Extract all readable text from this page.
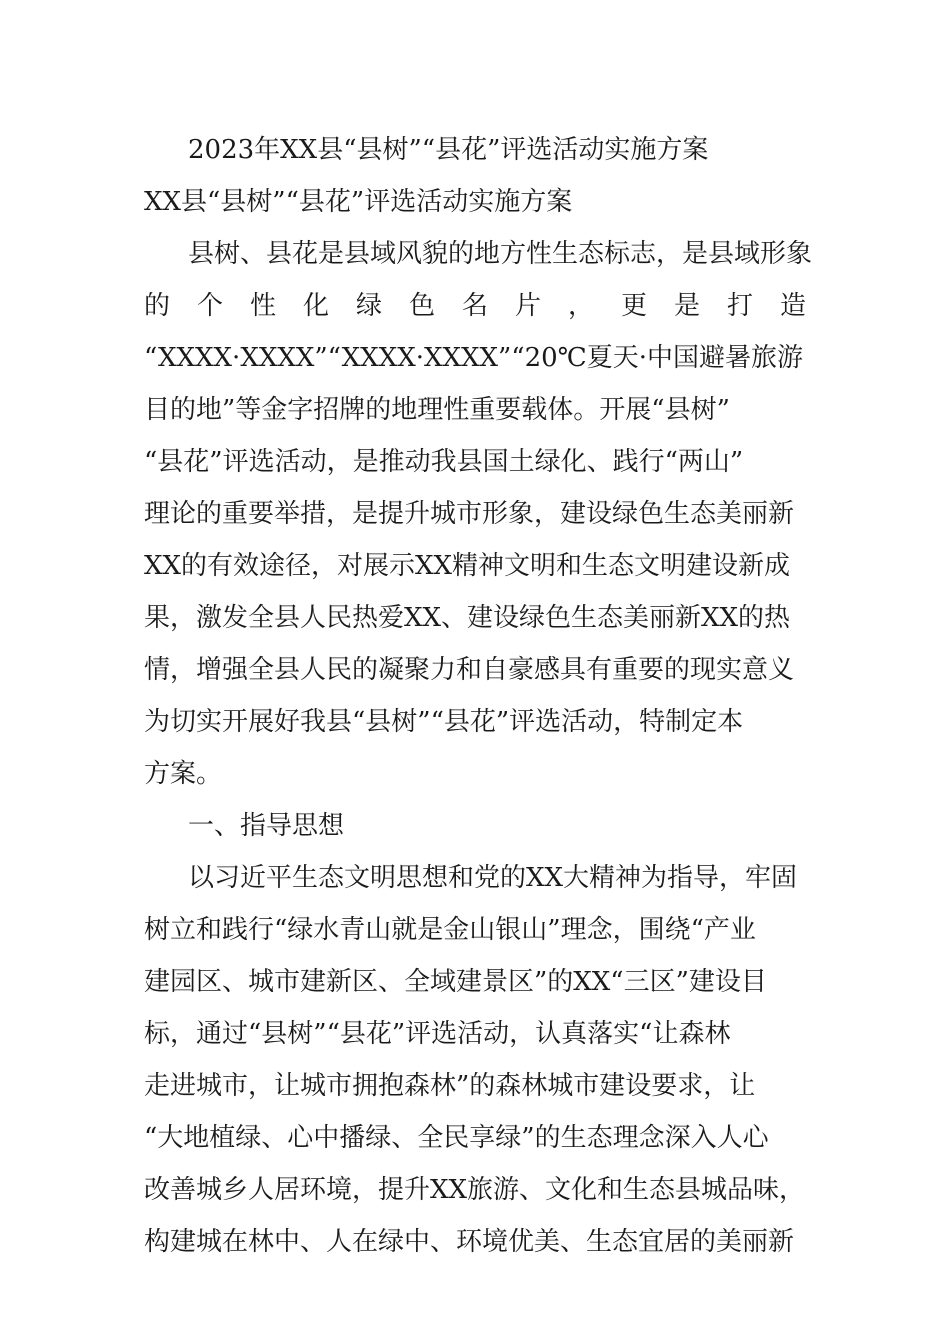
2023年XX县“县树”“县花”评选活动实施方案
XX县“县树”“县花”评选活动实施方案
县树、县花是县域风貌的地方性生态标志，是县域形象
的个性化绿色名片，更是打造
“XXXX·XXXX”“XXXX·XXXX”“20℃夏天·中国避暑旅游
目的地”等金字招牌的地理性重要载体。开展“县树”
“县花”评选活动，是推动我县国土绿化、践行“两山”
理论的重要举措，是提升城市形象，建设绿色生态美丽新
XX的有效途径，对展示XX精神文明和生态文明建设新成
果，激发全县人民热爱XX、建设绿色生态美丽新XX的热
情，增强全县人民的凝聚力和自豪感具有重要的现实意义
为切实开展好我县“县树”“县花”评选活动，特制定本
方案。
一、指导思想
以习近平生态文明思想和党的XX大精神为指导，牢固
树立和践行“绿水青山就是金山银山”理念，围绕“产业
建园区、城市建新区、全域建景区”的XX“三区”建设目
标，通过“县树”“县花”评选活动，认真落实“让森林
走进城市，让城市拥抱森林”的森林城市建设要求，让
“大地植绿、心中播绿、全民享绿”的生态理念深入人心
改善城乡人居环境，提升XX旅游、文化和生态县城品味，
构建城在林中、人在绿中、环境优美、生态宜居的美丽新
